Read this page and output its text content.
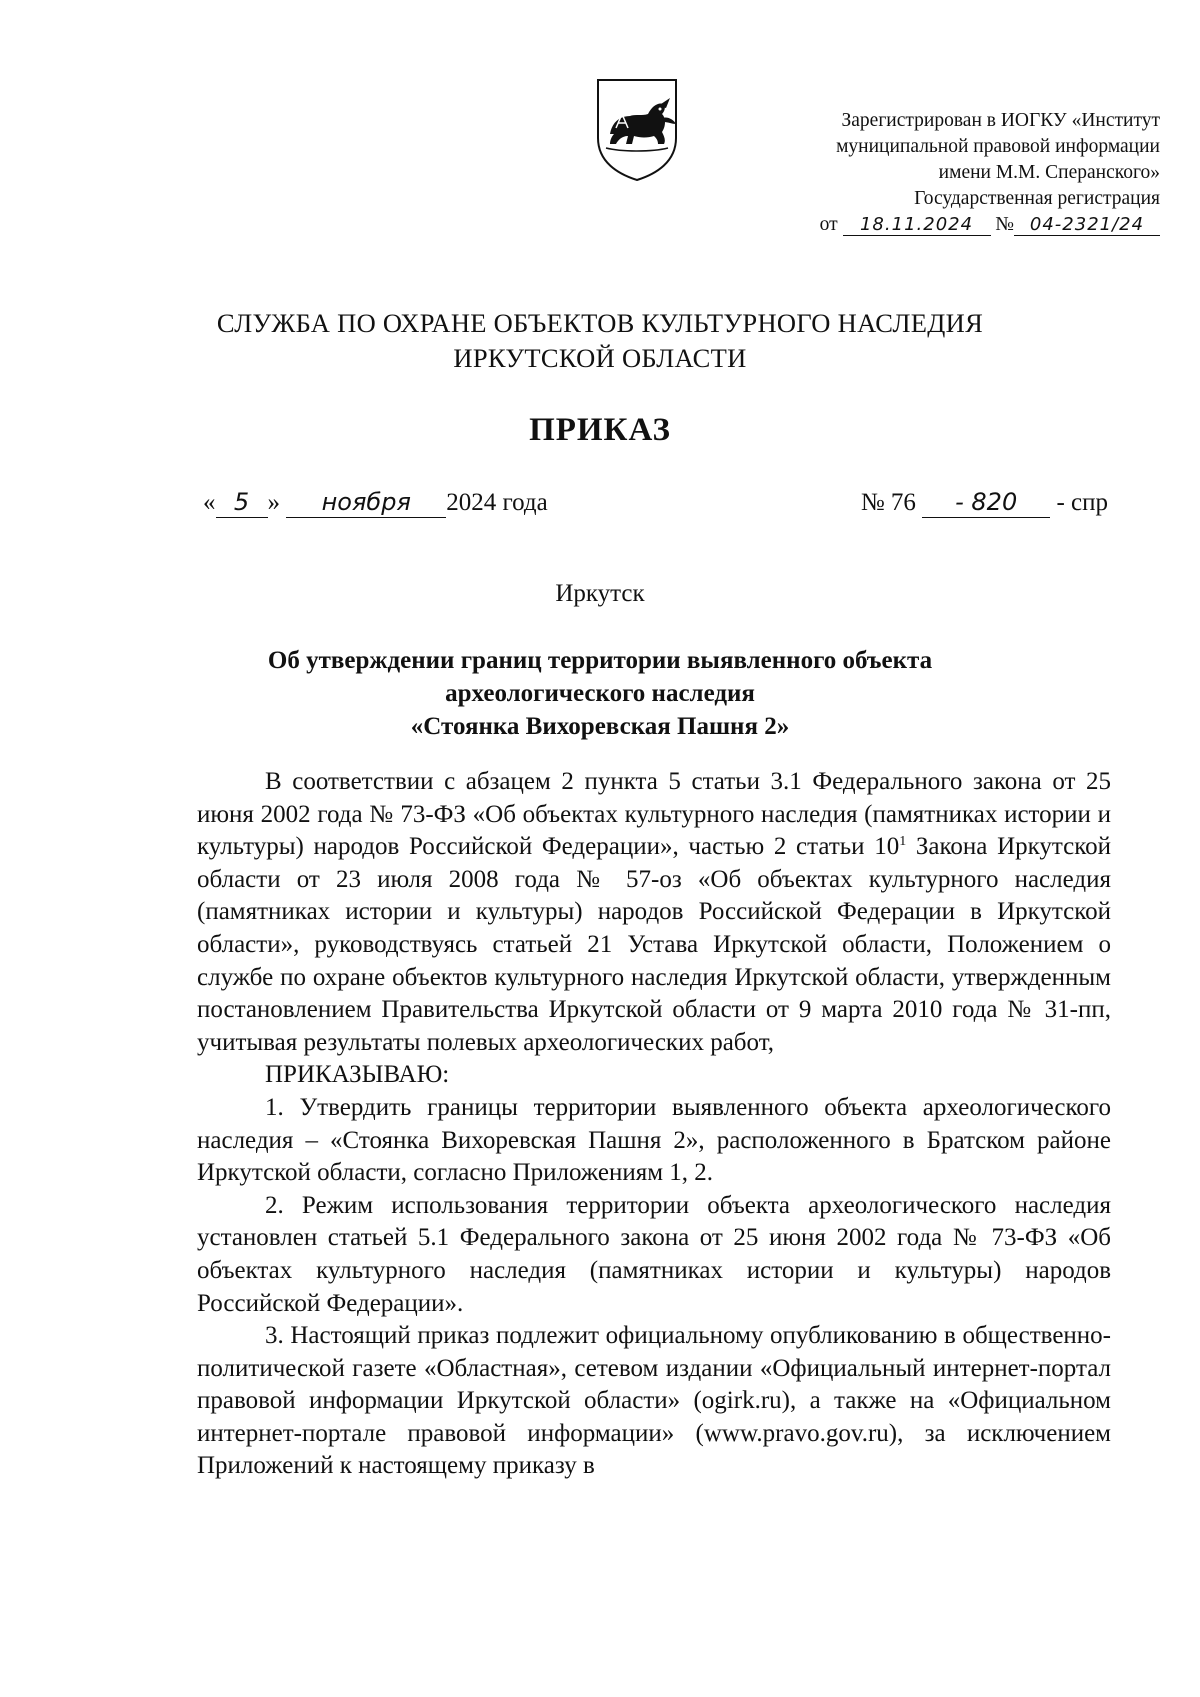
Зарегистрирован в ИОГКУ «Институт
муниципальной правовой информации
имени М.М. Сперанского»
Государственная регистрация
от 18.11.2024 № 04-2321/24
СЛУЖБА ПО ОХРАНЕ ОБЪЕКТОВ КУЛЬТУРНОГО НАСЛЕДИЯ
ИРКУТСКОЙ ОБЛАСТИ
ПРИКАЗ
« 5 » ноября 2024 года	№ 76 - 820 - спр
Иркутск
Об утверждении границ территории выявленного объекта
археологического наследия
«Стоянка Вихоревская Пашня 2»

В соответствии с абзацем 2 пункта 5 статьи 3.1 Федерального закона от 25 июня 2002 года № 73-ФЗ «Об объектах культурного наследия (памятниках истории и культуры) народов Российской Федерации», частью 2 статьи $10^1$ Закона Иркутской области от 23 июля 2008 года № 57-оз «Об объектах культурного наследия (памятниках истории и культуры) народов Российской Федерации в Иркутской области», руководствуясь статьей 21 Устава Иркутской области, Положением о службе по охране объектов культурного наследия Иркутской области, утвержденным постановлением Правительства Иркутской области от 9 марта 2010 года № 31-пп, учитывая результаты полевых археологических работ,

ПРИКАЗЫВАЮ:

1. Утвердить границы территории выявленного объекта археологического наследия – «Стоянка Вихоревская Пашня 2», расположенного в Братском районе Иркутской области, согласно Приложениям 1, 2.

2. Режим использования территории объекта археологического наследия установлен статьей 5.1 Федерального закона от 25 июня 2002 года № 73-ФЗ «Об объектах культурного наследия (памятниках истории и культуры) народов Российской Федерации».

3. Настоящий приказ подлежит официальному опубликованию в общественно-политической газете «Областная», сетевом издании «Официальный интернет-портал правовой информации Иркутской области» (ogirk.ru), а также на «Официальном интернет-портале правовой информации» (www.pravo.gov.ru), за исключением Приложений к настоящему приказу в
